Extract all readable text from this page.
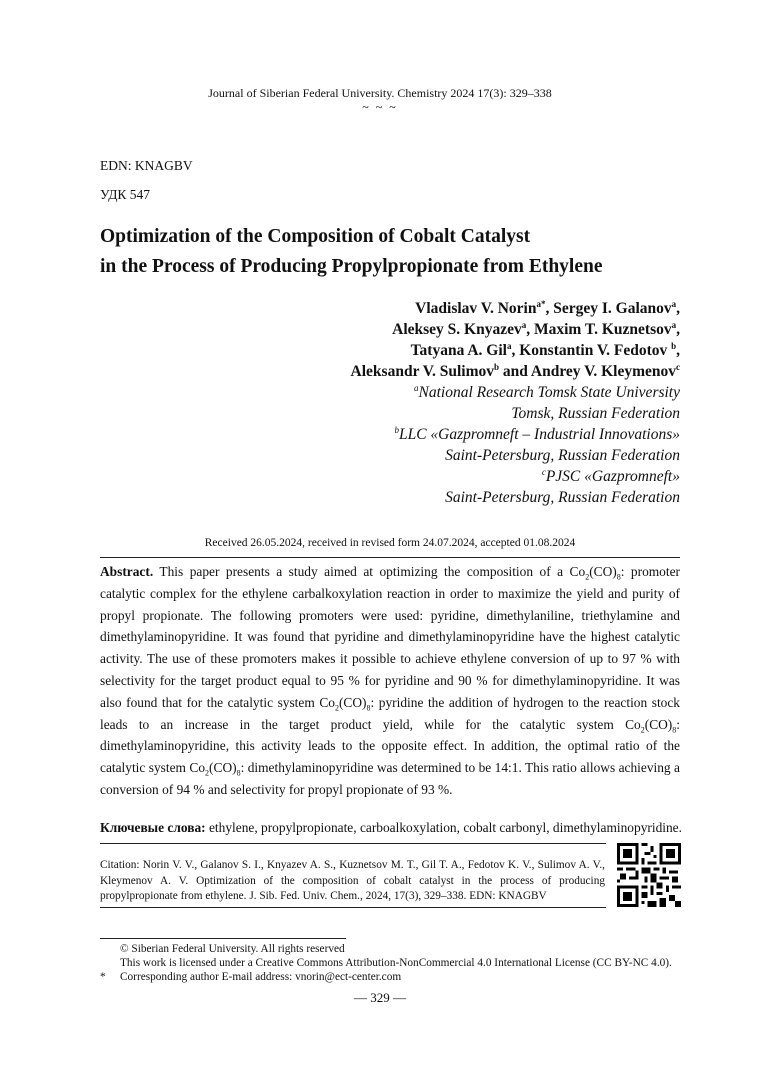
Journal of Siberian Federal University. Chemistry 2024 17(3): 329–338
~ ~ ~
EDN: KNAGBV
УДК 547
Optimization of the Composition of Cobalt Catalyst
in the Process of Producing Propylpropionate from Ethylene
Vladislav V. Norin$^{a*}$, Sergey I. Galanov$^a$,
Aleksey S. Knyazev$^a$, Maxim T. Kuznetsov$^a$,
Tatyana A. Gil$^a$, Konstantin V. Fedotov $^b$,
Aleksandr V. Sulimov$^b$ and Andrey V. Kleymenov$^c$
$^a$National Research Tomsk State University
Tomsk, Russian Federation
$^b$LLC «Gazpromneft – Industrial Innovations»
Saint-Petersburg, Russian Federation
$^c$PJSC «Gazpromneft»
Saint-Petersburg, Russian Federation
Received 26.05.2024, received in revised form 24.07.2024, accepted 01.08.2024
Abstract. This paper presents a study aimed at optimizing the composition of a $Co_2(CO)_8$: promoter catalytic complex for the ethylene carbalkoxylation reaction in order to maximize the yield and purity of propyl propionate. The following promoters were used: pyridine, dimethylaniline, triethylamine and dimethylaminopyridine. It was found that pyridine and dimethylaminopyridine have the highest catalytic activity. The use of these promoters makes it possible to achieve ethylene conversion of up to 97 % with selectivity for the target product equal to 95 % for pyridine and 90 % for dimethylaminopyridine. It was also found that for the catalytic system $Co_2(CO)_8$: pyridine the addition of hydrogen to the reaction stock leads to an increase in the target product yield, while for the catalytic system $Co_2(CO)_8$: dimethylaminopyridine, this activity leads to the opposite effect. In addition, the optimal ratio of the catalytic system $Co_2(CO)_8$: dimethylaminopyridine was determined to be 14:1. This ratio allows achieving a conversion of 94 % and selectivity for propyl propionate of 93 %.
Ключевые слова: ethylene, propylpropionate, carboalkoxylation, cobalt carbonyl, dimethylaminopyridine.
Citation: Norin V. V., Galanov S. I., Knyazev A. S., Kuznetsov M. T., Gil T. A., Fedotov K. V., Sulimov A. V., Kleymenov A. V. Optimization of the composition of cobalt catalyst in the process of producing propylpropionate from ethylene. J. Sib. Fed. Univ. Chem., 2024, 17(3), 329–338. EDN: KNAGBV
© Siberian Federal University. All rights reserved
This work is licensed under a Creative Commons Attribution-NonCommercial 4.0 International License (CC BY-NC 4.0).
* Corresponding author E-mail address: vnorin@ect-center.com
— 329 —
